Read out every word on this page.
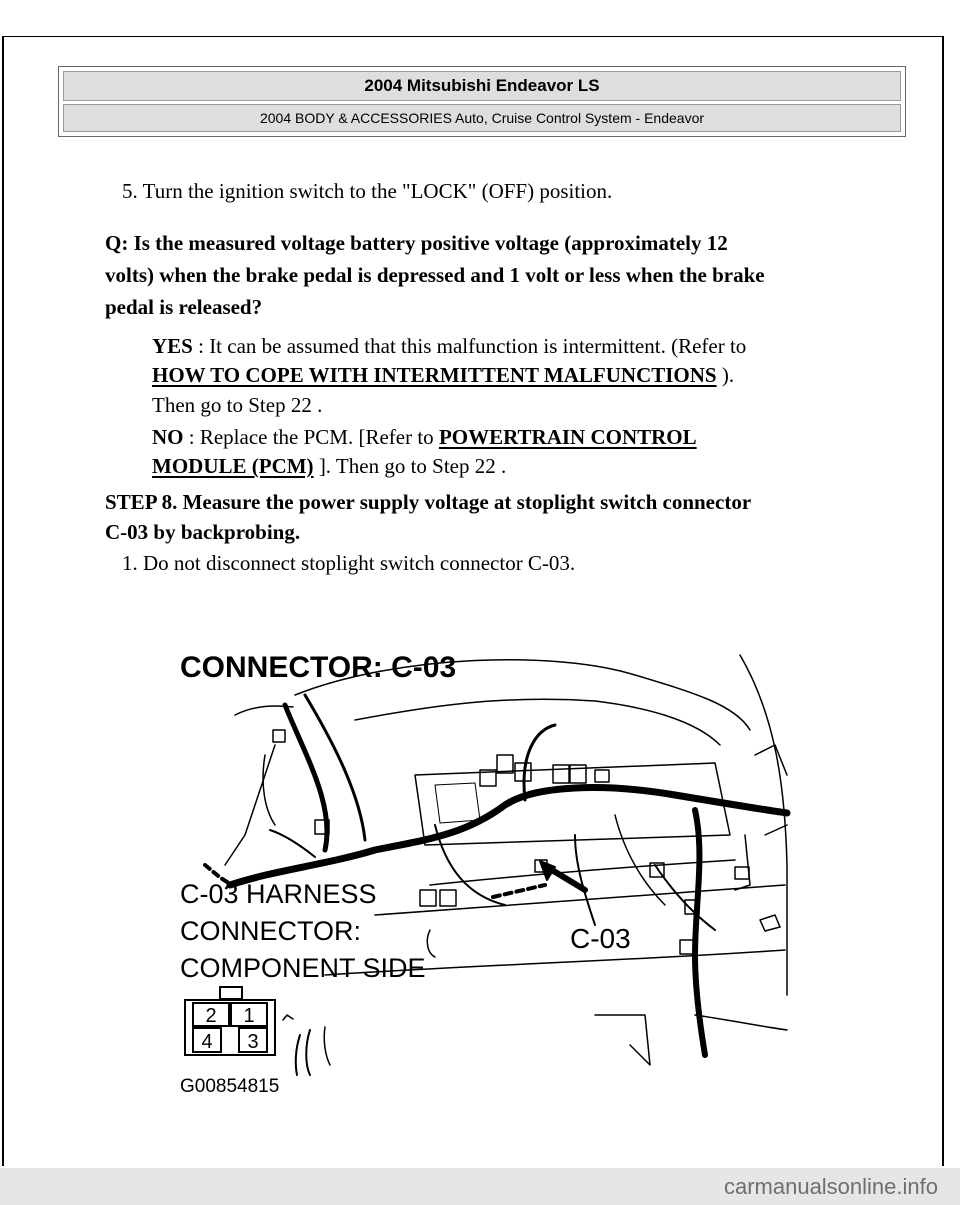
2004 Mitsubishi Endeavor LS
2004 BODY & ACCESSORIES Auto, Cruise Control System - Endeavor
5. Turn the ignition switch to the "LOCK" (OFF) position.
Q: Is the measured voltage battery positive voltage (approximately 12
volts) when the brake pedal is depressed and 1 volt or less when the brake
pedal is released?
YES : It can be assumed that this malfunction is intermittent. (Refer to
HOW TO COPE WITH INTERMITTENT MALFUNCTIONS ).
Then go to Step 22 .
NO : Replace the PCM. [Refer to POWERTRAIN CONTROL
MODULE (PCM) ]. Then go to Step 22 .
STEP 8. Measure the power supply voltage at stoplight switch connector
C-03 by backprobing.
1. Do not disconnect stoplight switch connector C-03.
CONNECTOR: C-03
C-03 HARNESS
CONNECTOR:
COMPONENT SIDE
C-03
G00854815
2 1
4 3
carmanualsonline.info
